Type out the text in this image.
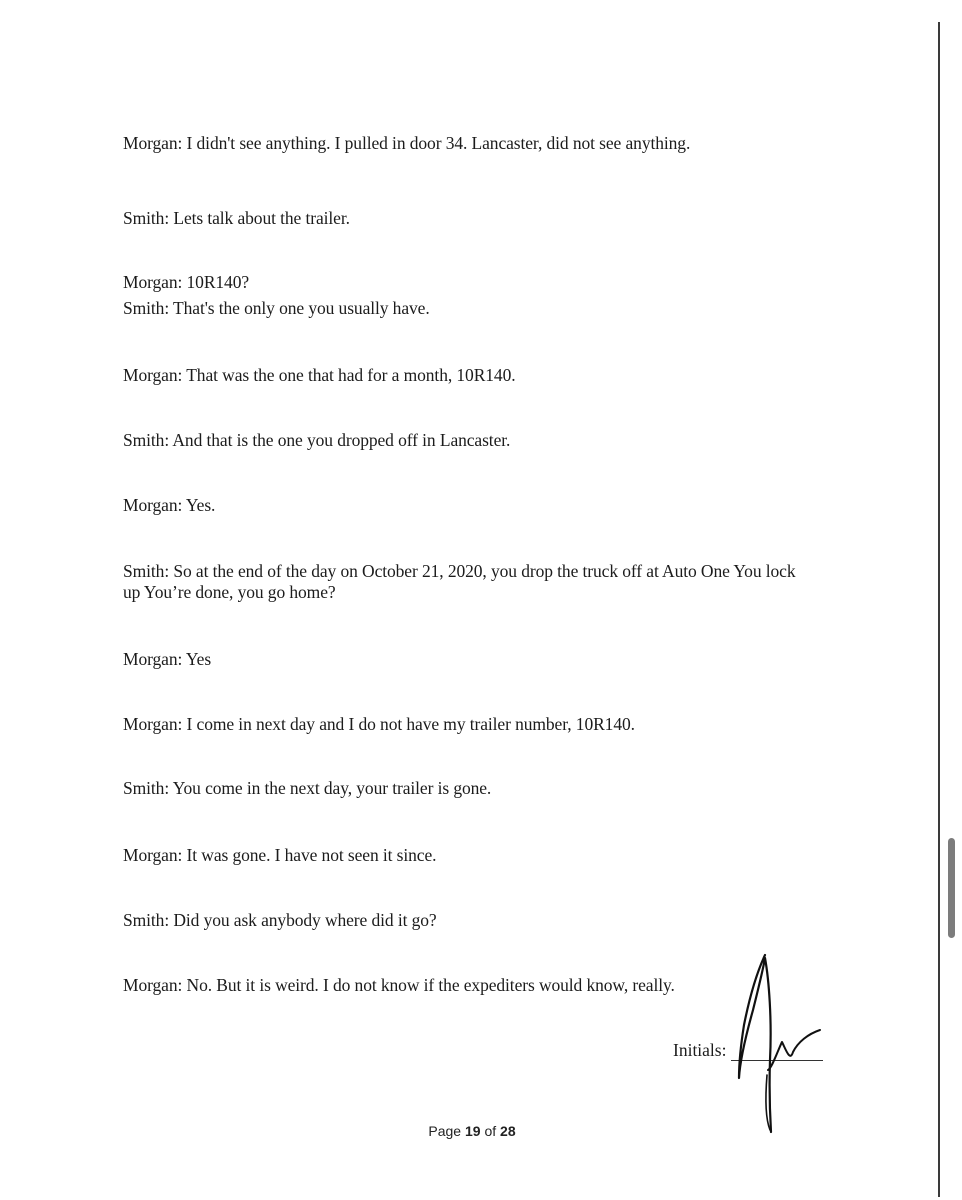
Morgan: I didn't see anything. I pulled in door 34. Lancaster, did not see anything.
Smith: Lets talk about the trailer.
Morgan: 10R140?
Smith: That's the only one you usually have.
Morgan: That was the one that had for a month, 10R140.
Smith: And that is the one you dropped off in Lancaster.
Morgan: Yes.
Smith: So at the end of the day on October 21, 2020, you drop the truck off at Auto One You lock up You’re done, you go home?
Morgan: Yes
Morgan: I come in next day and I do not have my trailer number, 10R140.
Smith: You come in the next day, your trailer is gone.
Morgan: It was gone. I have not seen it since.
Smith: Did you ask anybody where did it go?
Morgan: No. But it is weird. I do not know if the expediters would know, really.
Initials:
Page 19 of 28
